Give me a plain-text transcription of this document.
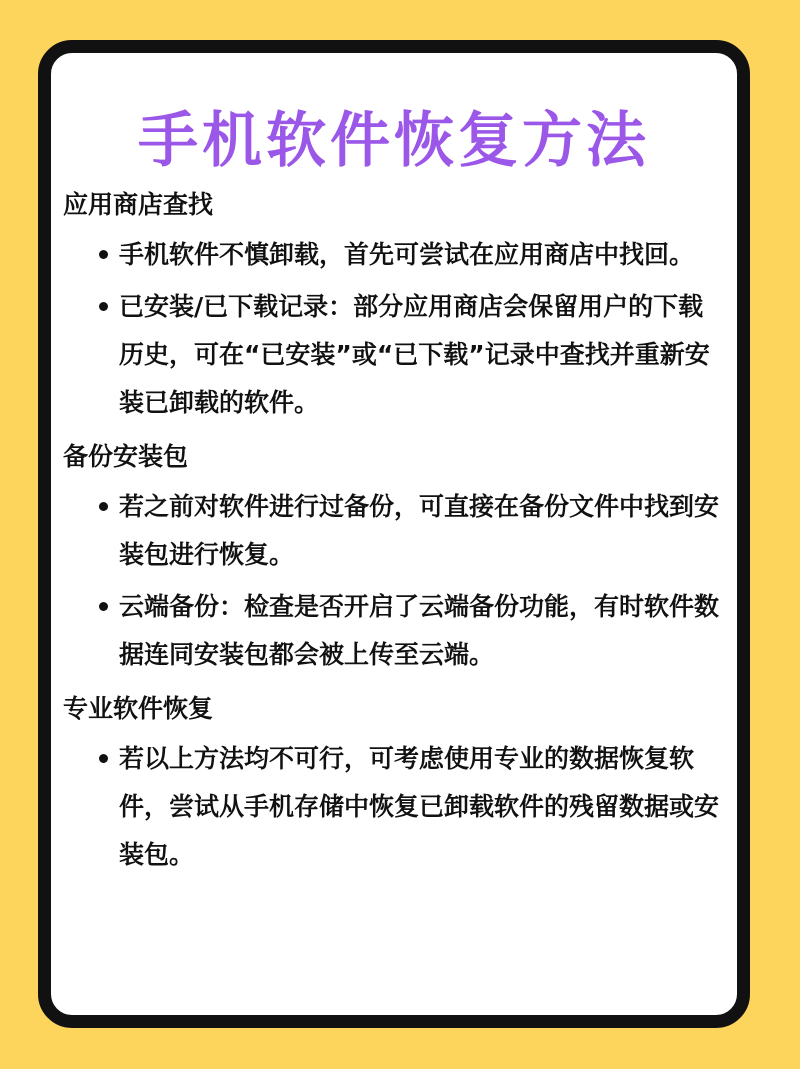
手机软件恢复方法
应用商店查找
手机软件不慎卸载，首先可尝试在应用商店中找回。
已安装/已下载记录：部分应用商店会保留用户的下载历史，可在“已安装”或“已下载”记录中查找并重新安装已卸载的软件。
备份安装包
若之前对软件进行过备份，可直接在备份文件中找到安装包进行恢复。
云端备份：检查是否开启了云端备份功能，有时软件数据连同安装包都会被上传至云端。
专业软件恢复
若以上方法均不可行，可考虑使用专业的数据恢复软件，尝试从手机存储中恢复已卸载软件的残留数据或安装包。
